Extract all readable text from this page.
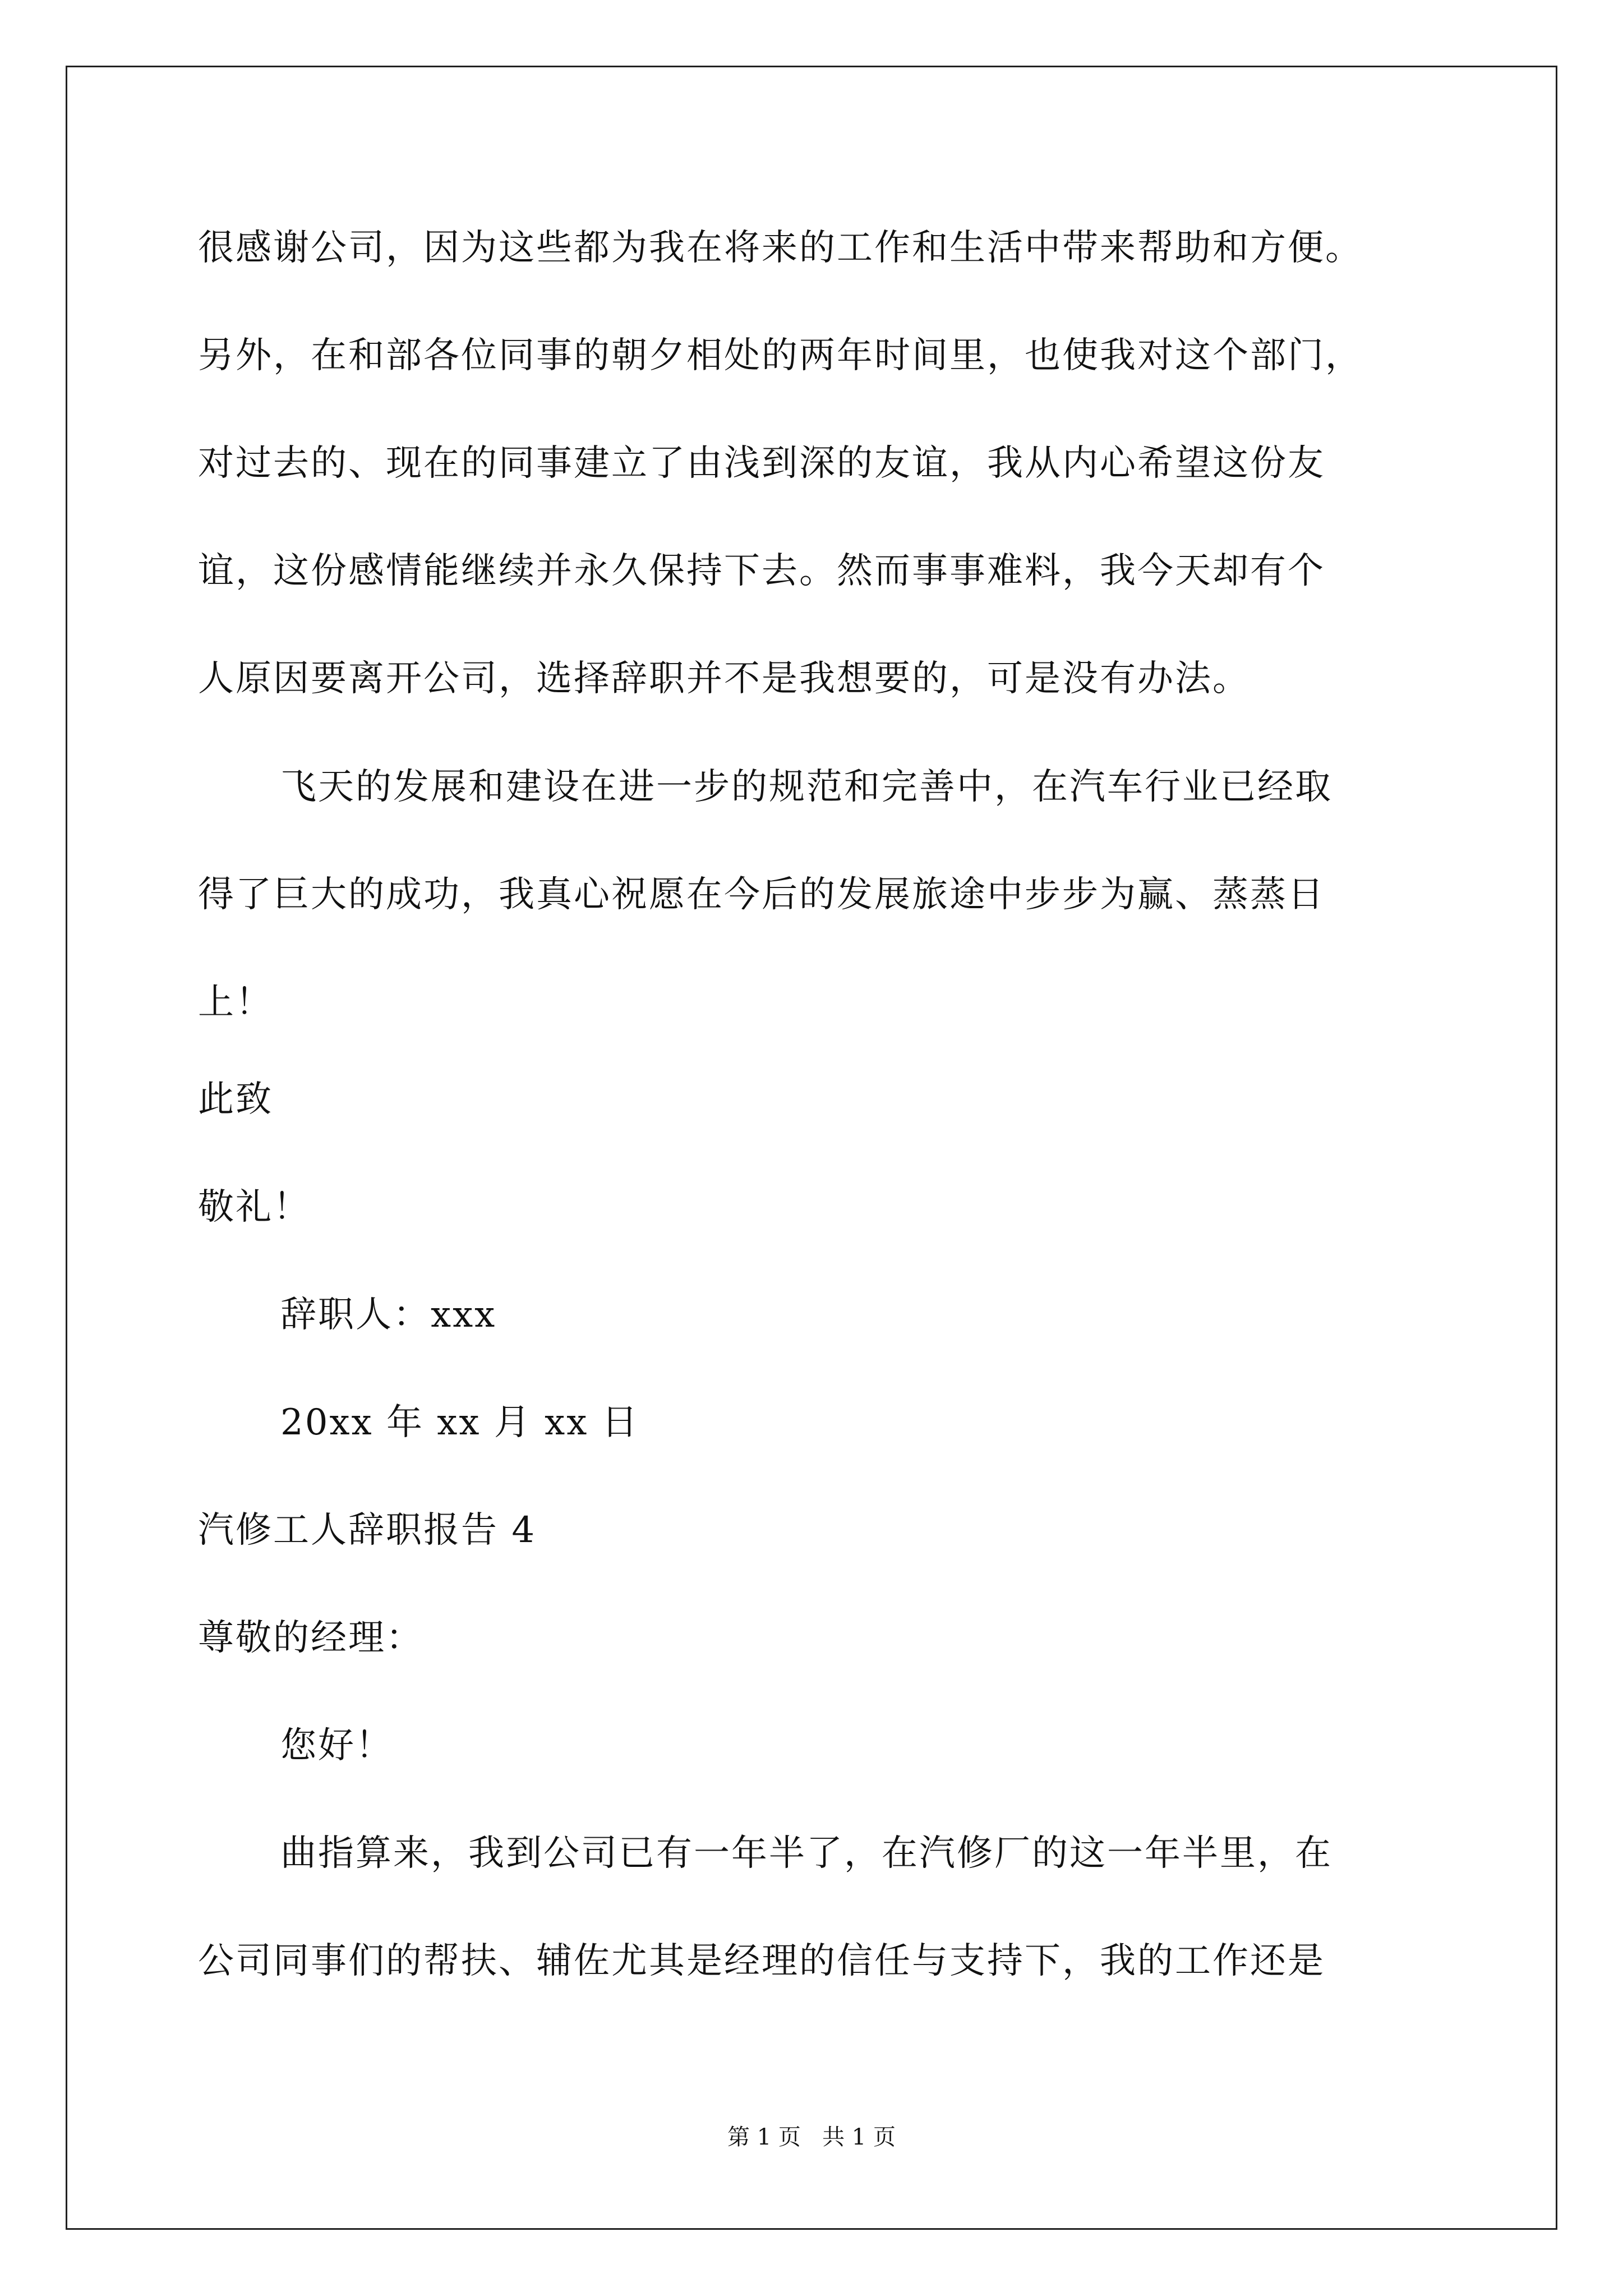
很感谢公司，因为这些都为我在将来的工作和生活中带来帮助和方便。
另外，在和部各位同事的朝夕相处的两年时间里，也使我对这个部门，
对过去的、现在的同事建立了由浅到深的友谊，我从内心希望这份友
谊，这份感情能继续并永久保持下去。然而事事难料，我今天却有个
人原因要离开公司，选择辞职并不是我想要的，可是没有办法。
飞天的发展和建设在进一步的规范和完善中，在汽车行业已经取
得了巨大的成功，我真心祝愿在今后的发展旅途中步步为赢、蒸蒸日
上！
此致
敬礼！
辞职人：xxx
20xx 年 xx 月 xx 日
汽修工人辞职报告 4
尊敬的经理：
您好！
曲指算来，我到公司已有一年半了，在汽修厂的这一年半里，在
公司同事们的帮扶、辅佐尤其是经理的信任与支持下，我的工作还是
第 1 页   共 1 页
